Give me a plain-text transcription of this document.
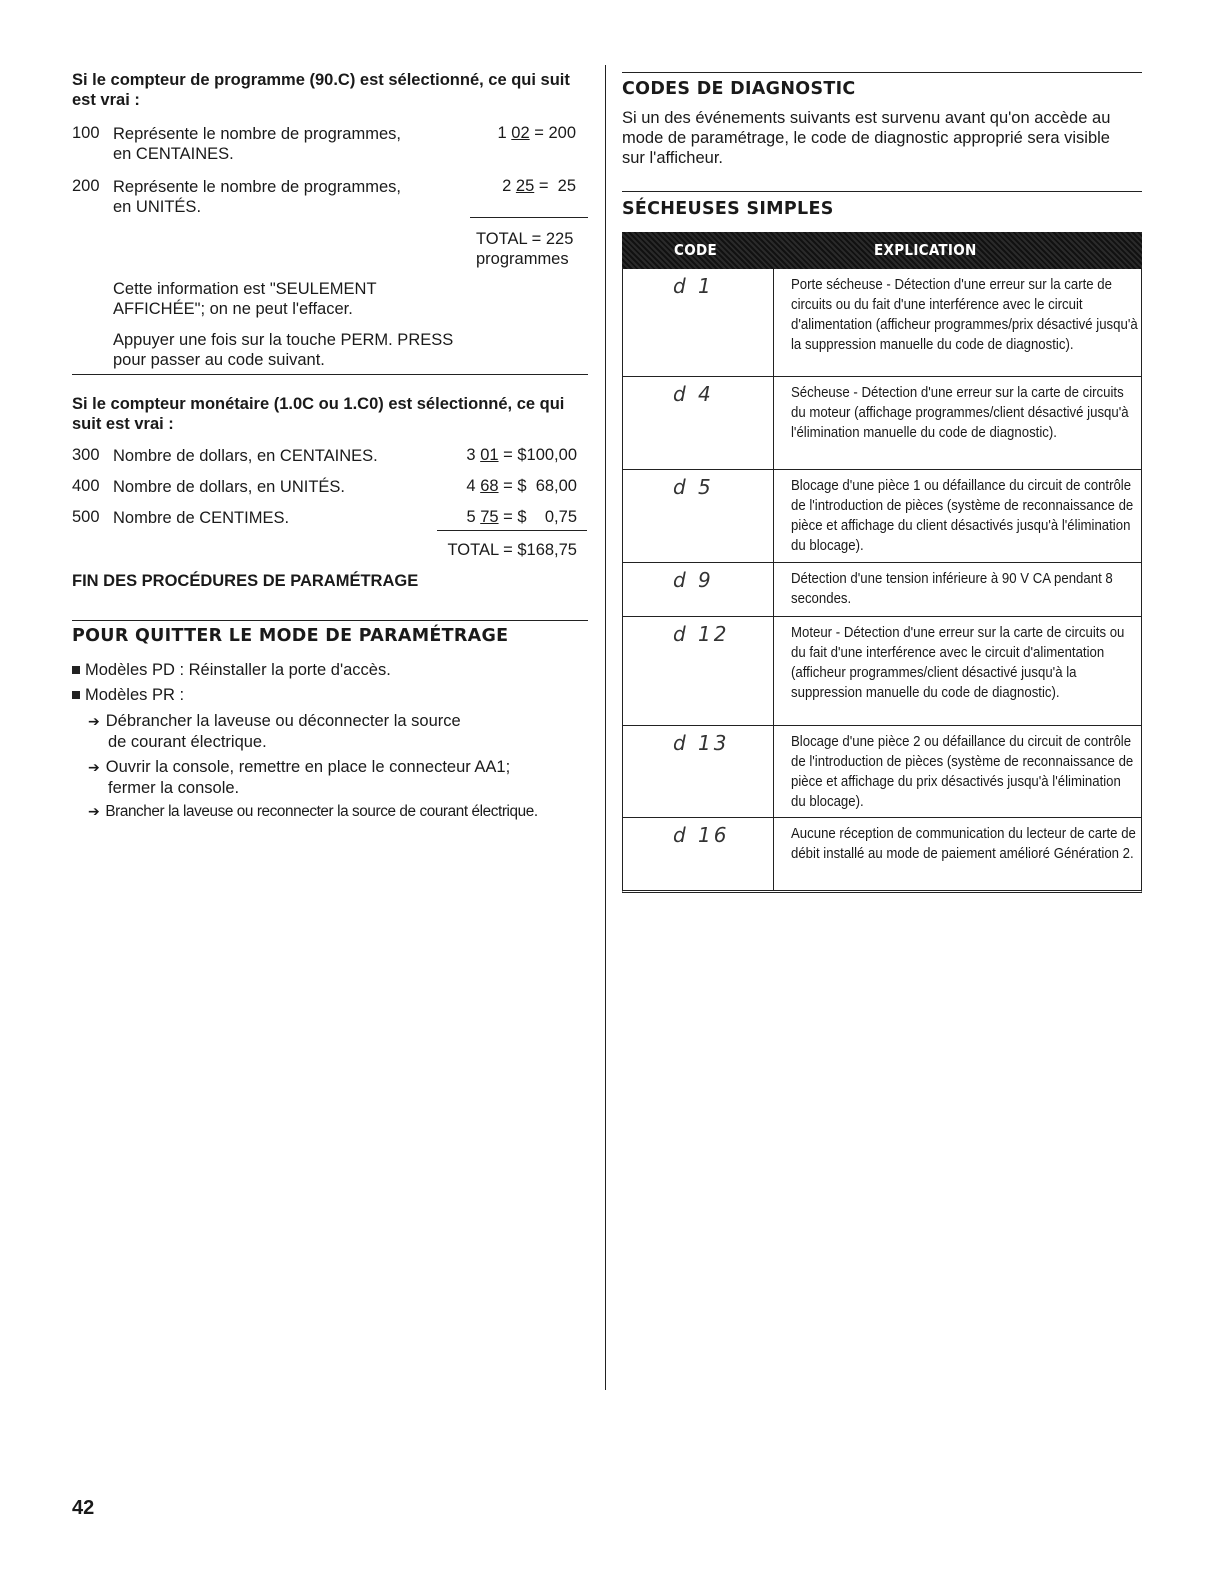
Si le compteur de programme (90.C) est sélectionné, ce qui suit est vrai :
100 Représente le nombre de programmes,
en CENTAINES.
1 02 = 200
200 Représente le nombre de programmes,
en UNITÉS.
2 25 =  25
TOTAL = 225
programmes
Cette information est "SEULEMENT
AFFICHÉE"; on ne peut l'effacer.
Appuyer une fois sur la touche PERM. PRESS
pour passer au code suivant.
Si le compteur monétaire (1.0C ou 1.C0) est sélectionné, ce qui suit est vrai :
300 Nombre de dollars, en CENTAINES.	3 01 = $100,00
400 Nombre de dollars, en UNITÉS.	4 68 = $  68,00
500 Nombre de CENTIMES.	5 75 = $    0,75
TOTAL = $168,75
FIN DES PROCÉDURES DE PARAMÉTRAGE
POUR QUITTER LE MODE DE PARAMÉTRAGE
Modèles PD : Réinstaller la porte d'accès.
Modèles PR :
➔ Débrancher la laveuse ou déconnecter la source
de courant électrique.
➔ Ouvrir la console, remettre en place le connecteur AA1;
fermer la console.
➔ Brancher la laveuse ou reconnecter la source de courant électrique.
CODES DE DIAGNOSTIC
Si un des événements suivants est survenu avant qu'on accède au
mode de paramétrage, le code de diagnostic approprié sera visible
sur l'afficheur.
SÉCHEUSES SIMPLES
CODE	EXPLICATION
d 1	Porte sécheuse - Détection d'une erreur sur la carte de circuits ou du fait d'une interférence avec le circuit d'alimentation (afficheur programmes/prix désactivé jusqu'à la suppression manuelle du code de diagnostic).
d 4	Sécheuse - Détection d'une erreur sur la carte de circuits du moteur (affichage programmes/client désactivé jusqu'à l'élimination manuelle du code de diagnostic).
d 5	Blocage d'une pièce 1 ou défaillance du circuit de contrôle de l'introduction de pièces (système de reconnaissance de pièce et affichage du client désactivés jusqu'à l'élimination du blocage).
d 9	Détection d'une tension inférieure à 90 V CA pendant 8 secondes.
d 12	Moteur - Détection d'une erreur sur la carte de circuits ou du fait d'une interférence avec le circuit d'alimentation (afficheur programmes/client désactivé jusqu'à la suppression manuelle du code de diagnostic).
d 13	Blocage d'une pièce 2 ou défaillance du circuit de contrôle de l'introduction de pièces (système de reconnaissance de pièce et affichage du prix désactivés jusqu'à l'élimination du blocage).
d 16	Aucune réception de communication du lecteur de carte de débit installé au mode de paiement amélioré Génération 2.
42
